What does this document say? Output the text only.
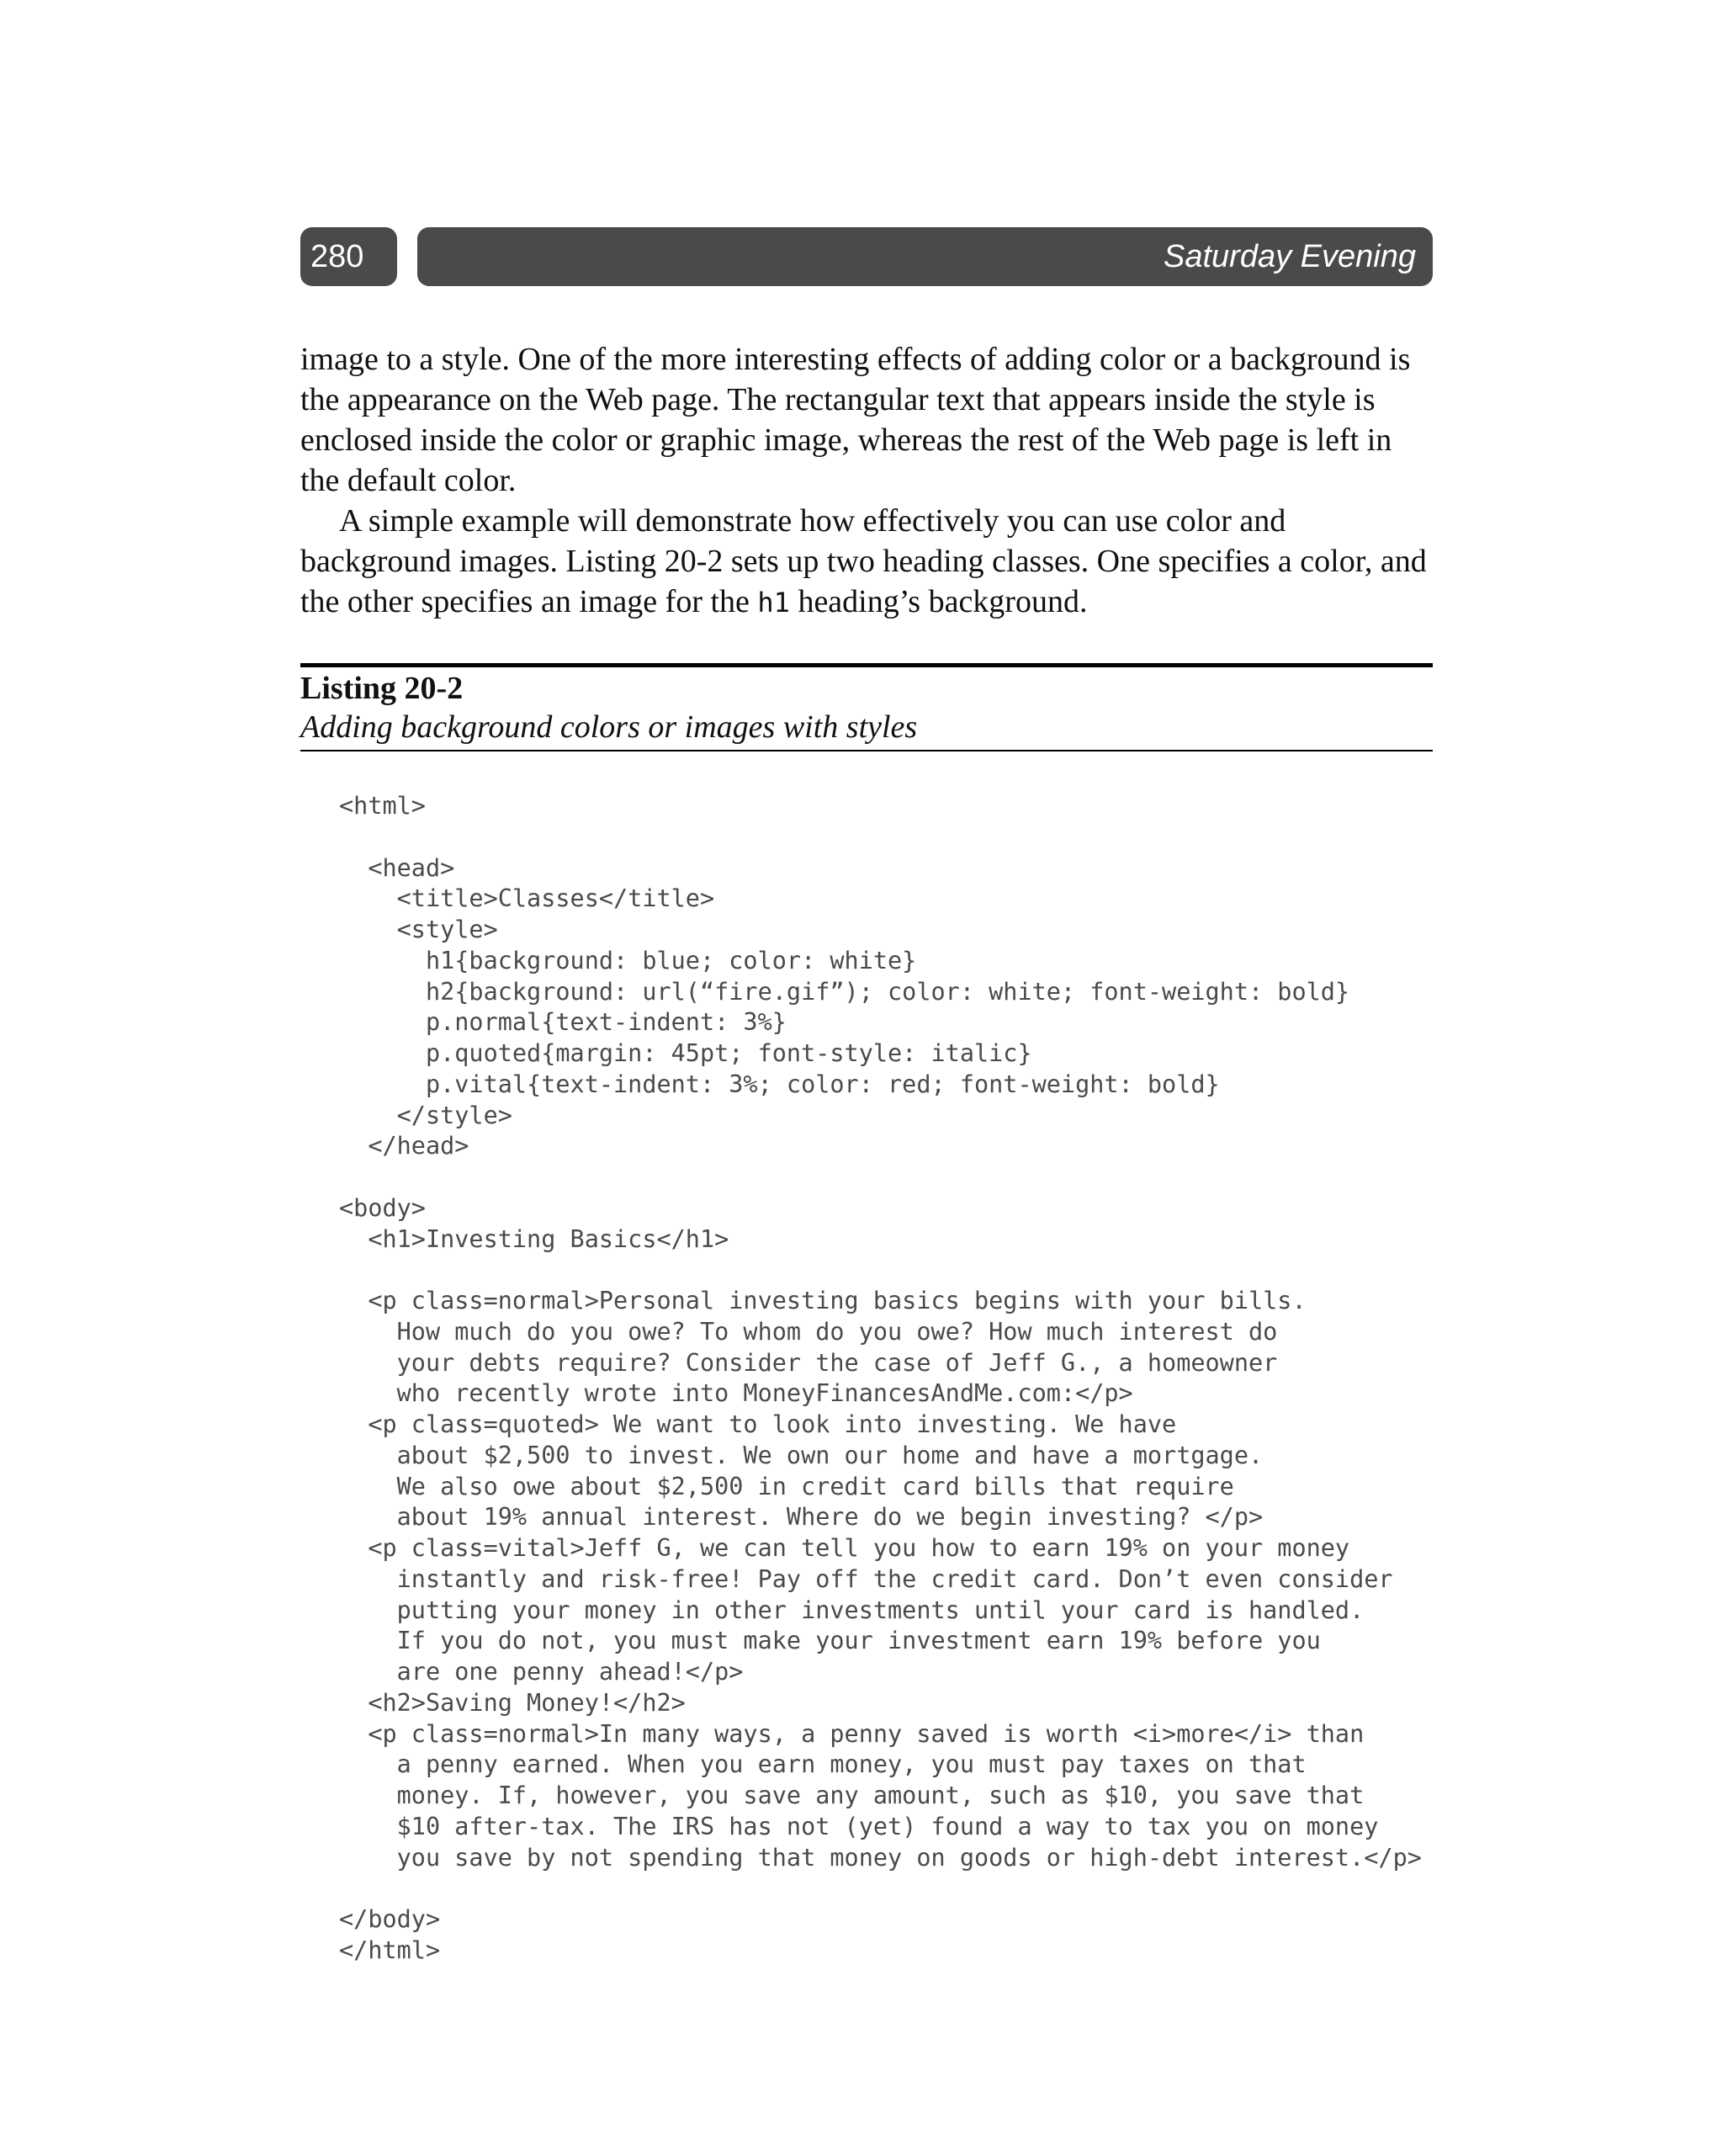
280	Saturday Evening

image to a style. One of the more interesting effects of adding color or a background is the appearance on the Web page. The rectangular text that appears inside the style is enclosed inside the color or graphic image, whereas the rest of the Web page is left in the default color.

A simple example will demonstrate how effectively you can use color and background images. Listing 20-2 sets up two heading classes. One specifies a color, and the other specifies an image for the h1 heading’s background.

Listing 20-2
Adding background colors or images with styles
<html>

<head>
<title>Classes</title>
<style>
h1{background: blue; color: white}
h2{background: url(“fire.gif”); color: white; font-weight: bold}
p.normal{text-indent: 3%}
p.quoted{margin: 45pt; font-style: italic}
p.vital{text-indent: 3%; color: red; font-weight: bold}
</style>
</head>

<body>
<h1>Investing Basics</h1>

<p class=normal>Personal investing basics begins with your bills.
How much do you owe? To whom do you owe? How much interest do
your debts require? Consider the case of Jeff G., a homeowner
who recently wrote into MoneyFinancesAndMe.com:</p>
<p class=quoted> We want to look into investing. We have
about $2,500 to invest. We own our home and have a mortgage.
We also owe about $2,500 in credit card bills that require
about 19% annual interest. Where do we begin investing? </p>
<p class=vital>Jeff G, we can tell you how to earn 19% on your money
instantly and risk-free! Pay off the credit card. Don’t even consider
putting your money in other investments until your card is handled.
If you do not, you must make your investment earn 19% before you
are one penny ahead!</p>
<h2>Saving Money!</h2>
<p class=normal>In many ways, a penny saved is worth <i>more</i> than
a penny earned. When you earn money, you must pay taxes on that
money. If, however, you save any amount, such as $10, you save that
$10 after-tax. The IRS has not (yet) found a way to tax you on money
you save by not spending that money on goods or high-debt interest.</p>

</body>
</html>
